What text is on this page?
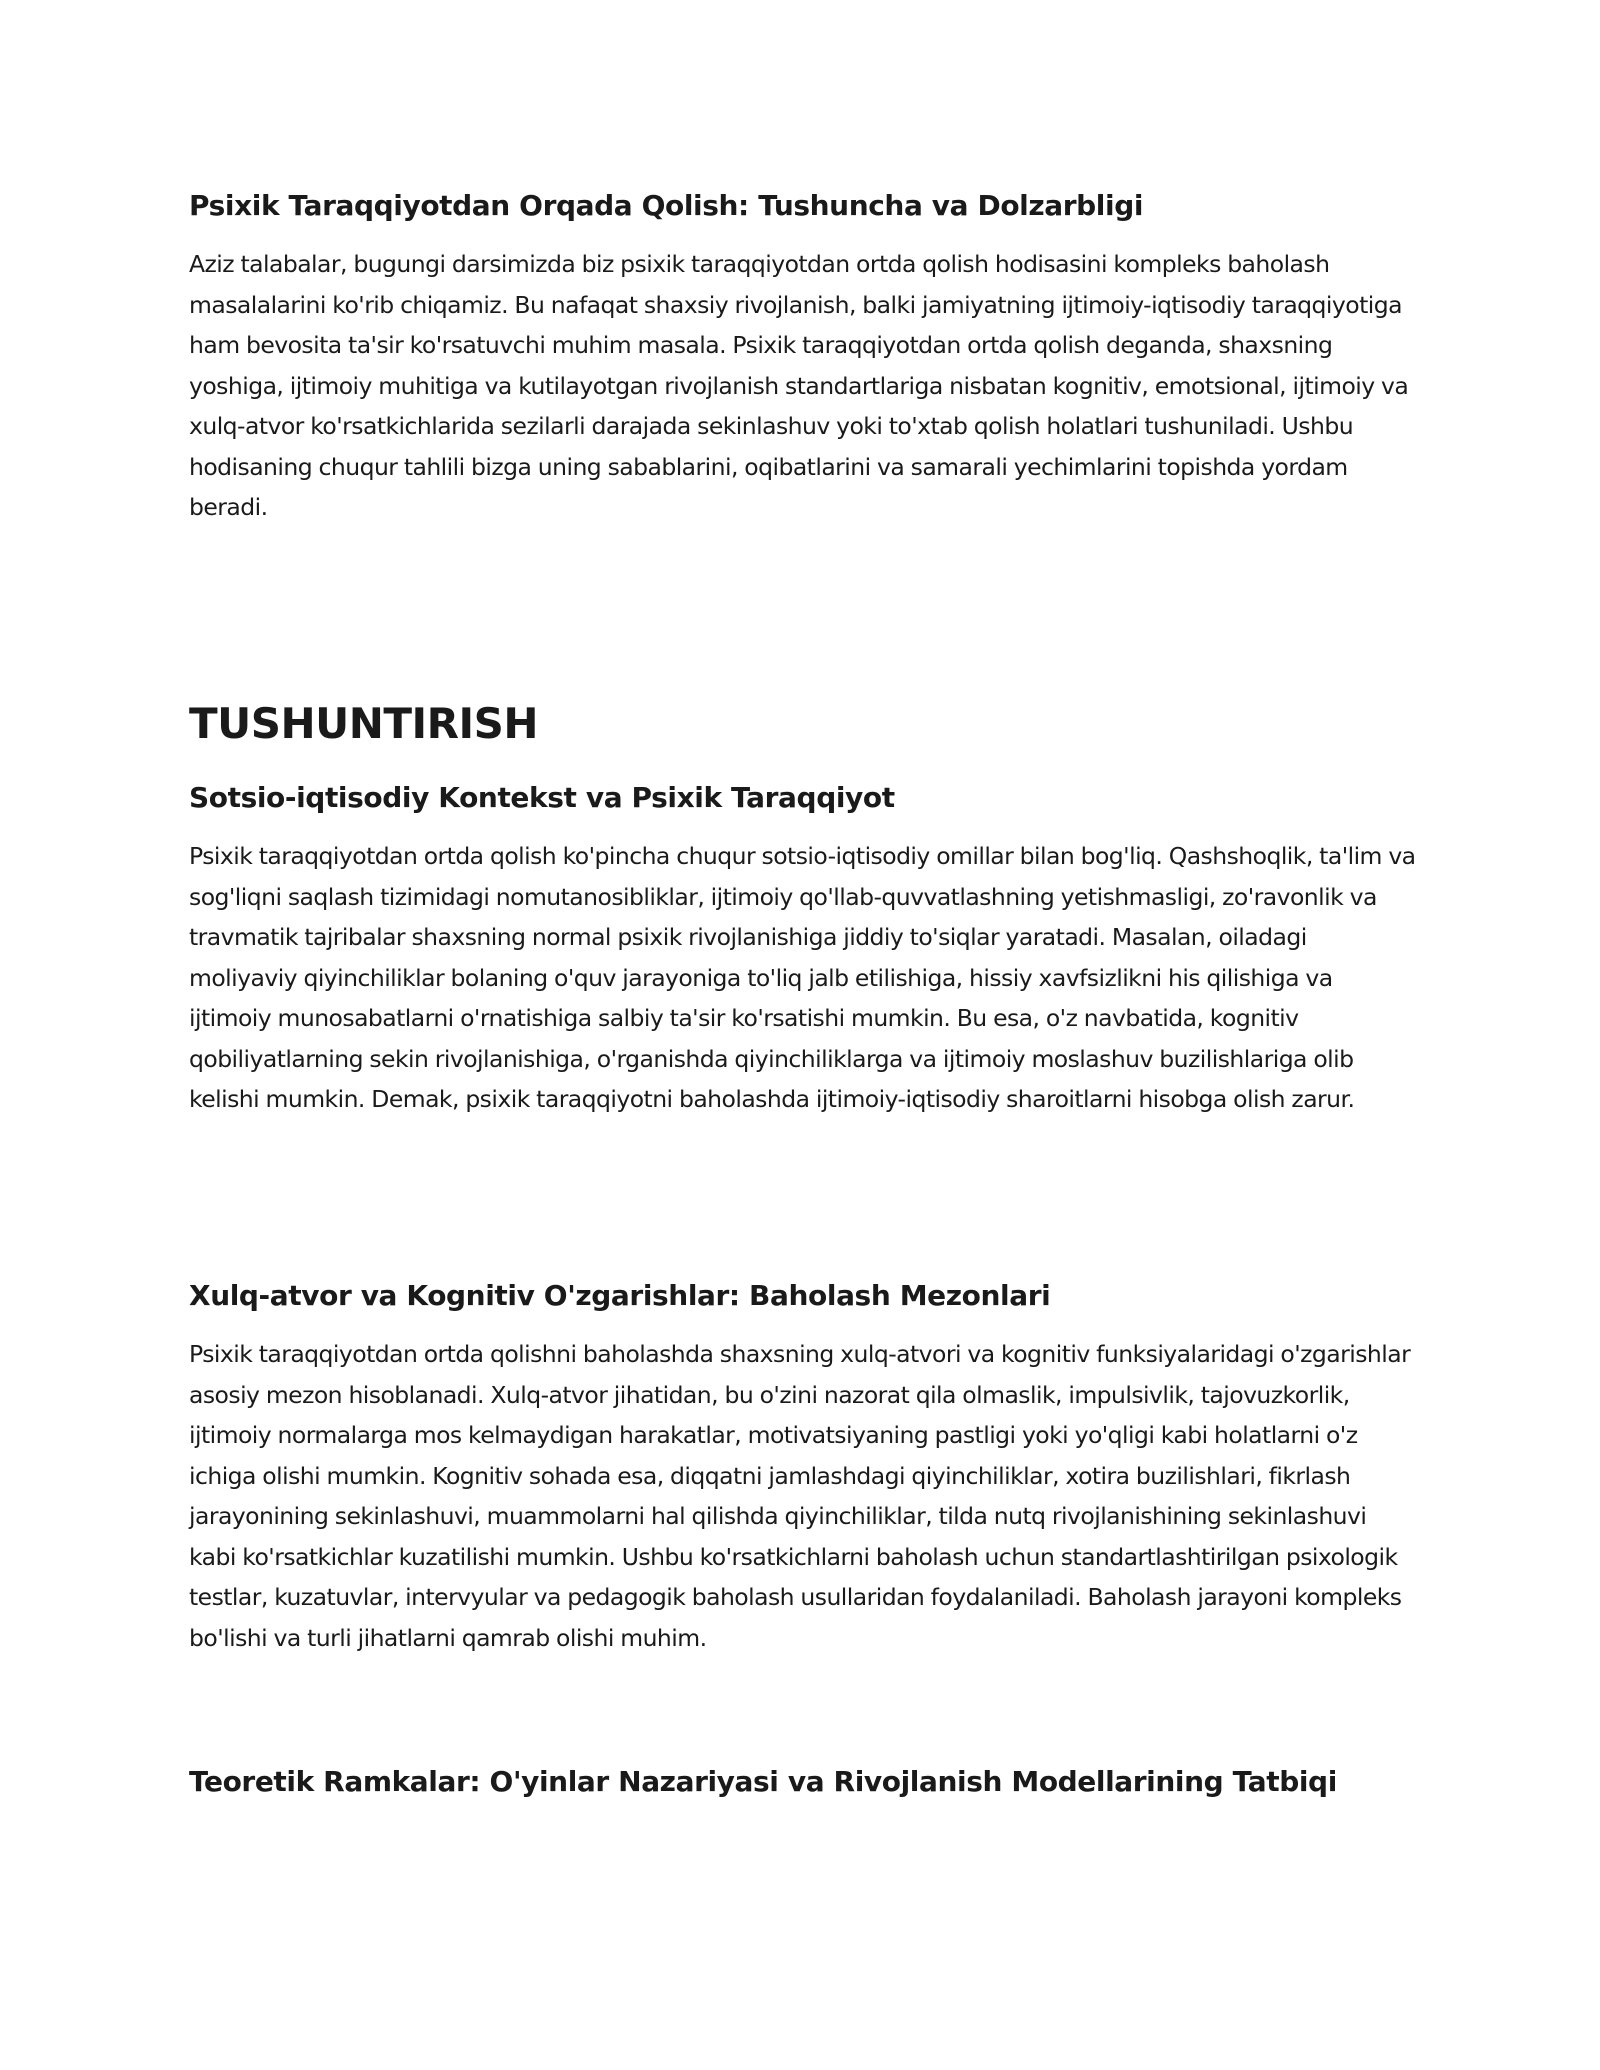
Psixik Taraqqiyotdan Orqada Qolish: Tushuncha va Dolzarbligi

Aziz talabalar, bugungi darsimizda biz psixik taraqqiyotdan ortda qolish hodisasini kompleks baholash masalalarini ko'rib chiqamiz. Bu nafaqat shaxsiy rivojlanish, balki jamiyatning ijtimoiy-iqtisodiy taraqqiyotiga ham bevosita ta'sir ko'rsatuvchi muhim masala. Psixik taraqqiyotdan ortda qolish deganda, shaxsning yoshiga, ijtimoiy muhitiga va kutilayotgan rivojlanish standartlariga nisbatan kognitiv, emotsional, ijtimoiy va xulq-atvor ko'rsatkichlarida sezilarli darajada sekinlashuv yoki to'xtab qolish holatlari tushuniladi. Ushbu hodisaning chuqur tahlili bizga uning sabablarini, oqibatlarini va samarali yechimlarini topishda yordam beradi.

TUSHUNTIRISH
Sotsio-iqtisodiy Kontekst va Psixik Taraqqiyot

Psixik taraqqiyotdan ortda qolish ko'pincha chuqur sotsio-iqtisodiy omillar bilan bog'liq. Qashshoqlik, ta'lim va sog'liqni saqlash tizimidagi nomutanosibliklar, ijtimoiy qo'llab-quvvatlashning yetishmasligi, zo'ravonlik va travmatik tajribalar shaxsning normal psixik rivojlanishiga jiddiy to'siqlar yaratadi. Masalan, oiladagi moliyaviy qiyinchiliklar bolaning o'quv jarayoniga to'liq jalb etilishiga, hissiy xavfsizlikni his qilishiga va ijtimoiy munosabatlarni o'rnatishiga salbiy ta'sir ko'rsatishi mumkin. Bu esa, o'z navbatida, kognitiv qobiliyatlarning sekin rivojlanishiga, o'rganishda qiyinchiliklarga va ijtimoiy moslashuv buzilishlariga olib kelishi mumkin. Demak, psixik taraqqiyotni baholashda ijtimoiy-iqtisodiy sharoitlarni hisobga olish zarur.

Xulq-atvor va Kognitiv O'zgarishlar: Baholash Mezonlari

Psixik taraqqiyotdan ortda qolishni baholashda shaxsning xulq-atvori va kognitiv funksiyalaridagi o'zgarishlar asosiy mezon hisoblanadi. Xulq-atvor jihatidan, bu o'zini nazorat qila olmaslik, impulsivlik, tajovuzkorlik, ijtimoiy normalarga mos kelmaydigan harakatlar, motivatsiyaning pastligi yoki yo'qligi kabi holatlarni o'z ichiga olishi mumkin. Kognitiv sohada esa, diqqatni jamlashdagi qiyinchiliklar, xotira buzilishlari, fikrlash jarayonining sekinlashuvi, muammolarni hal qilishda qiyinchiliklar, tilda nutq rivojlanishining sekinlashuvi kabi ko'rsatkichlar kuzatilishi mumkin. Ushbu ko'rsatkichlarni baholash uchun standartlashtirilgan psixologik testlar, kuzatuvlar, intervyular va pedagogik baholash usullaridan foydalaniladi. Baholash jarayoni kompleks bo'lishi va turli jihatlarni qamrab olishi muhim.

Teoretik Ramkalar: O'yinlar Nazariyasi va Rivojlanish Modellarining Tatbiqi
